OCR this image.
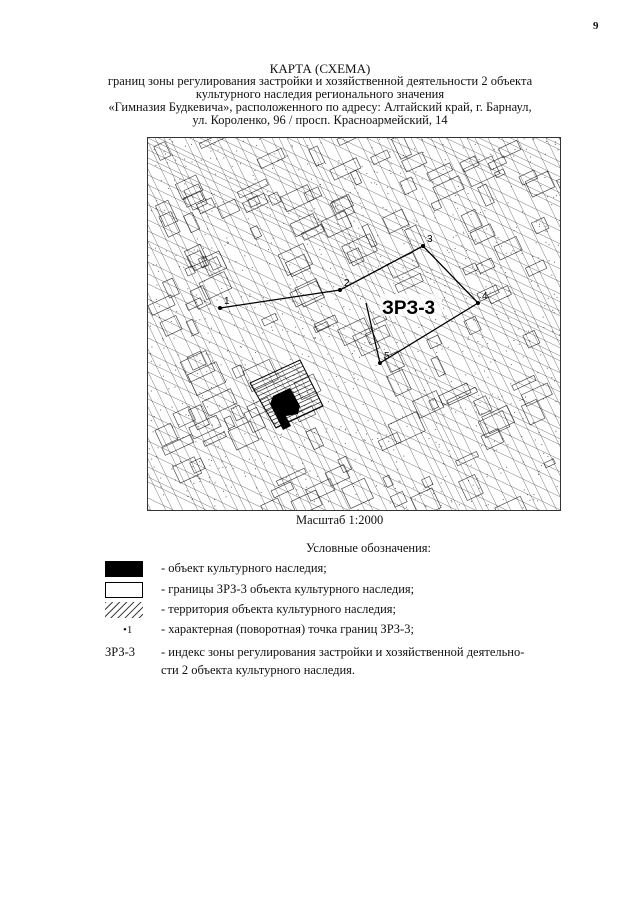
9
КАРТА (СХЕМА)
границ зоны регулирования застройки и хозяйственной деятельности 2 объекта
культурного наследия регионального значения
«Гимназия Будкевича», расположенного по адресу: Алтайский край, г. Барнаул,
ул. Короленко, 96 / просп. Красноармейский, 14
1
2
3
4
5
ЗРЗ-3
Масштаб 1:2000
Условные обозначения:
- объект культурного наследия;
- границы ЗРЗ-3 объекта культурного наследия;
- территория объекта культурного наследия;
•1 - характерная (поворотная) точка границ ЗРЗ-3;
ЗРЗ-3 - индекс зоны регулирования застройки и хозяйственной деятельно-
сти 2 объекта культурного наследия.
